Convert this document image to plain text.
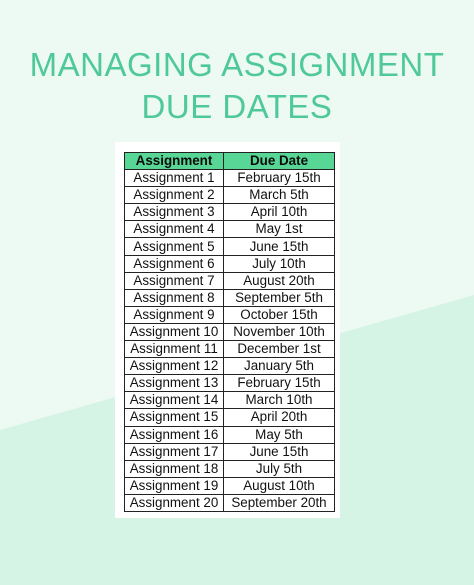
MANAGING ASSIGNMENT
DUE DATES
Assignment	Due Date
Assignment 1	February 15th
Assignment 2	March 5th
Assignment 3	April 10th
Assignment 4	May 1st
Assignment 5	June 15th
Assignment 6	July 10th
Assignment 7	August 20th
Assignment 8	September 5th
Assignment 9	October 15th
Assignment 10	November 10th
Assignment 11	December 1st
Assignment 12	January 5th
Assignment 13	February 15th
Assignment 14	March 10th
Assignment 15	April 20th
Assignment 16	May 5th
Assignment 17	June 15th
Assignment 18	July 5th
Assignment 19	August 10th
Assignment 20	September 20th
